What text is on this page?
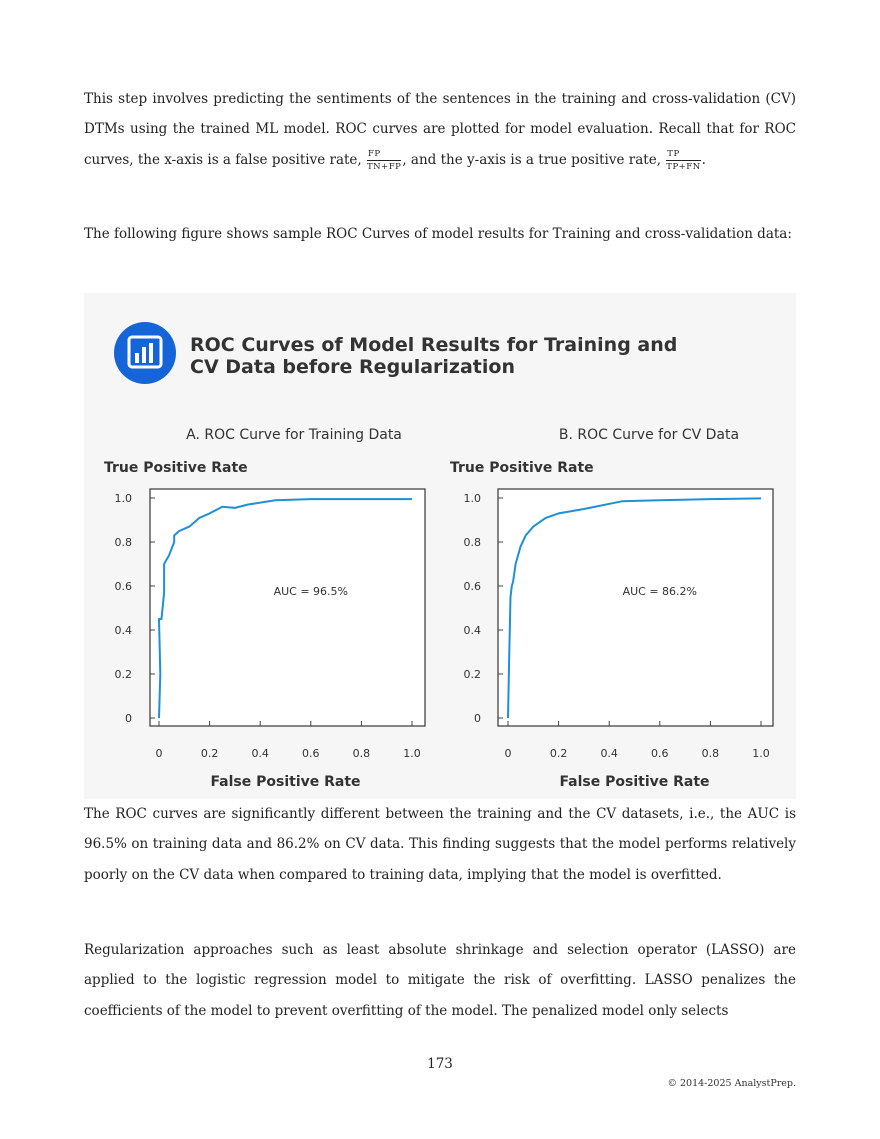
This step involves predicting the sentiments of the sentences in the training and cross-validation (CV) DTMs using the trained ML model. ROC curves are plotted for model evaluation. Recall that for ROC curves, the x-axis is a false positive rate, $\frac{FP}{TN+FP}$ , and the y-axis is a true positive rate, $\frac{TP}{TP+FN}$ .
The following figure shows sample ROC Curves of model results for Training and cross-validation data:
ROC Curves of Model Results for Training and
CV Data before Regularization
A. ROC Curve for Training Data
True Positive Rate
0
0.2
0.4
0.6
0.8
1.0
0	0.2	0.4	0.6	0.8	1.0
False Positive Rate
AUC = 96.5%
B. ROC Curve for CV Data
True Positive Rate
0
0.2
0.4
0.6
0.8
1.0
0	0.2	0.4	0.6	0.8	1.0
False Positive Rate
AUC = 86.2%
The ROC curves are significantly different between the training and the CV datasets, i.e., the AUC is 96.5% on training data and 86.2% on CV data. This finding suggests that the model performs relatively poorly on the CV data when compared to training data, implying that the model is overfitted.
Regularization approaches such as least absolute shrinkage and selection operator (LASSO) are applied to the logistic regression model to mitigate the risk of overfitting. LASSO penalizes the coefficients of the model to prevent overfitting of the model. The penalized model only selects
173
© 2014-2025 AnalystPrep.
